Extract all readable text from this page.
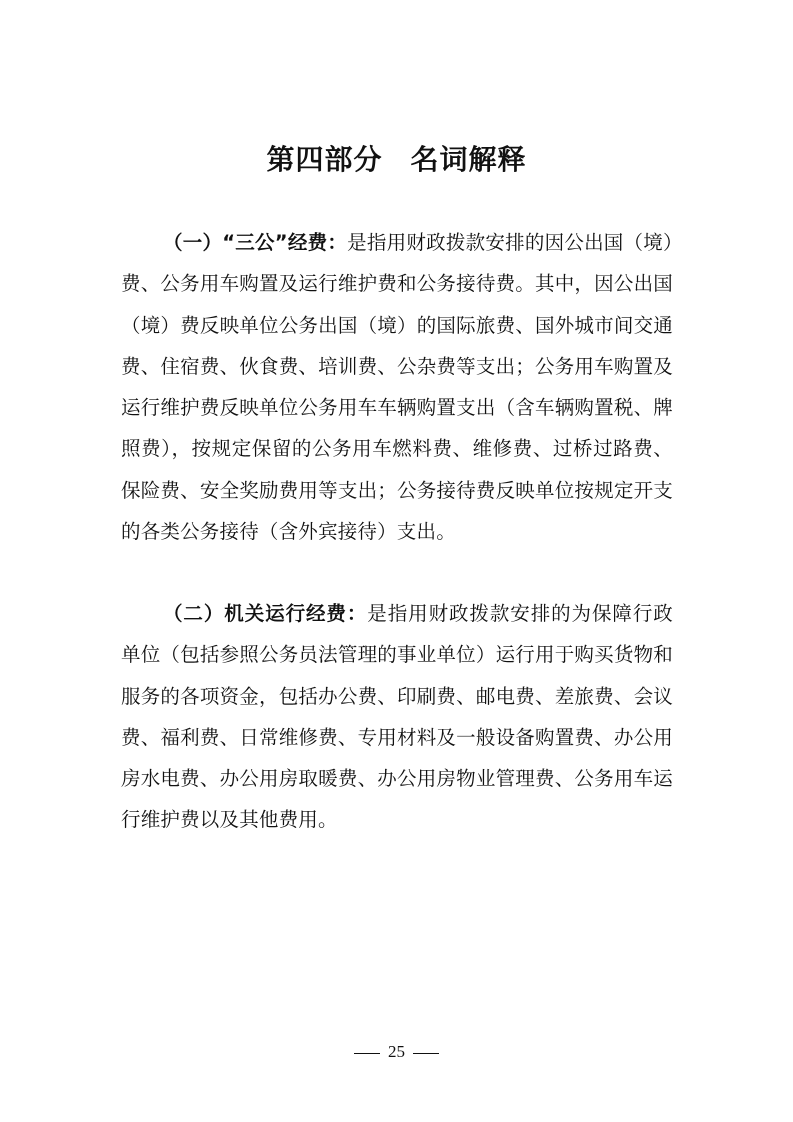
第四部分 名词解释

（一）“三公”经费：是指用财政拨款安排的因公出国（境）费、公务用车购置及运行维护费和公务接待费。其中，因公出国（境）费反映单位公务出国（境）的国际旅费、国外城市间交通费、住宿费、伙食费、培训费、公杂费等支出；公务用车购置及运行维护费反映单位公务用车车辆购置支出（含车辆购置税、牌照费），按规定保留的公务用车燃料费、维修费、过桥过路费、保险费、安全奖励费用等支出；公务接待费反映单位按规定开支的各类公务接待（含外宾接待）支出。

（二）机关运行经费：是指用财政拨款安排的为保障行政单位（包括参照公务员法管理的事业单位）运行用于购买货物和服务的各项资金，包括办公费、印刷费、邮电费、差旅费、会议费、福利费、日常维修费、专用材料及一般设备购置费、办公用房水电费、办公用房取暖费、办公用房物业管理费、公务用车运行维护费以及其他费用。

25
